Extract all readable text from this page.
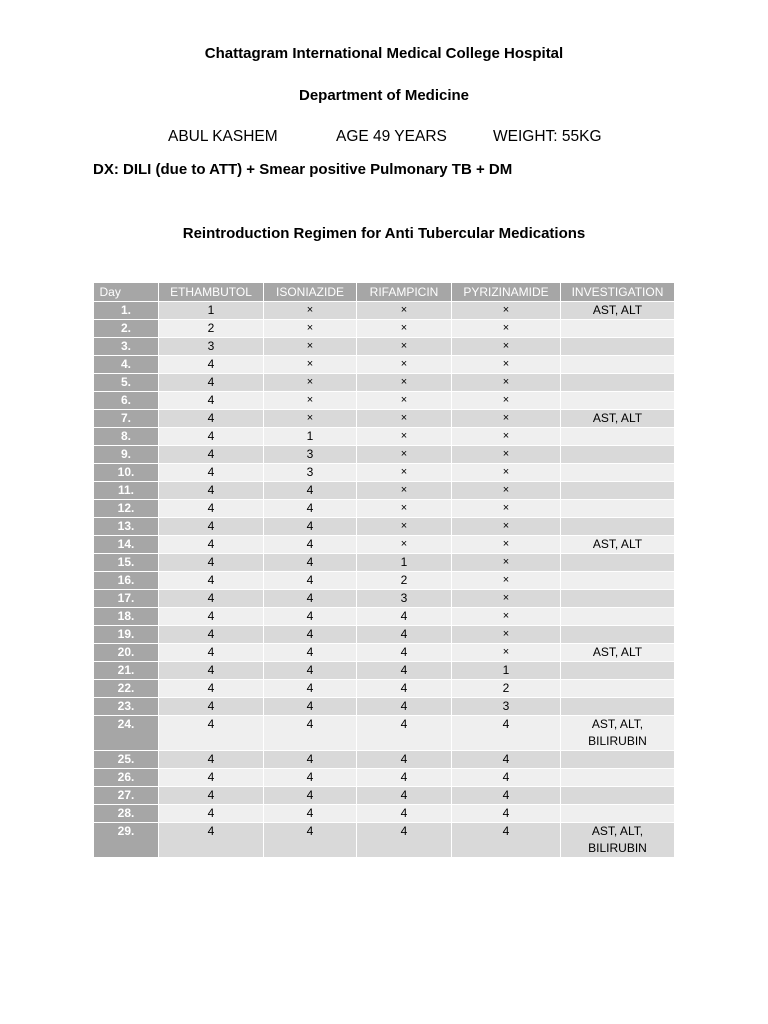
Chattagram International Medical College Hospital
Department of Medicine
ABUL KASHEM	AGE 49 YEARS	WEIGHT: 55KG
DX: DILI (due to ATT) + Smear positive Pulmonary TB + DM
Reintroduction Regimen for Anti Tubercular Medications
Day	ETHAMBUTOL	ISONIAZIDE	RIFAMPICIN	PYRIZINAMIDE	INVESTIGATION
1.	1	×	×	×	AST, ALT
2.	2	×	×	×	
3.	3	×	×	×	
4.	4	×	×	×	
5.	4	×	×	×	
6.	4	×	×	×	
7.	4	×	×	×	AST, ALT
8.	4	1	×	×	
9.	4	3	×	×	
10.	4	3	×	×	
11.	4	4	×	×	
12.	4	4	×	×	
13.	4	4	×	×	
14.	4	4	×	×	AST, ALT
15.	4	4	1	×	
16.	4	4	2	×	
17.	4	4	3	×	
18.	4	4	4	×	
19.	4	4	4	×	
20.	4	4	4	×	AST, ALT
21.	4	4	4	1	
22.	4	4	4	2	
23.	4	4	4	3	
24.	4	4	4	4	AST, ALT,
BILIRUBIN
25.	4	4	4	4	
26.	4	4	4	4	
27.	4	4	4	4	
28.	4	4	4	4	
29.	4	4	4	4	AST, ALT,
BILIRUBIN
